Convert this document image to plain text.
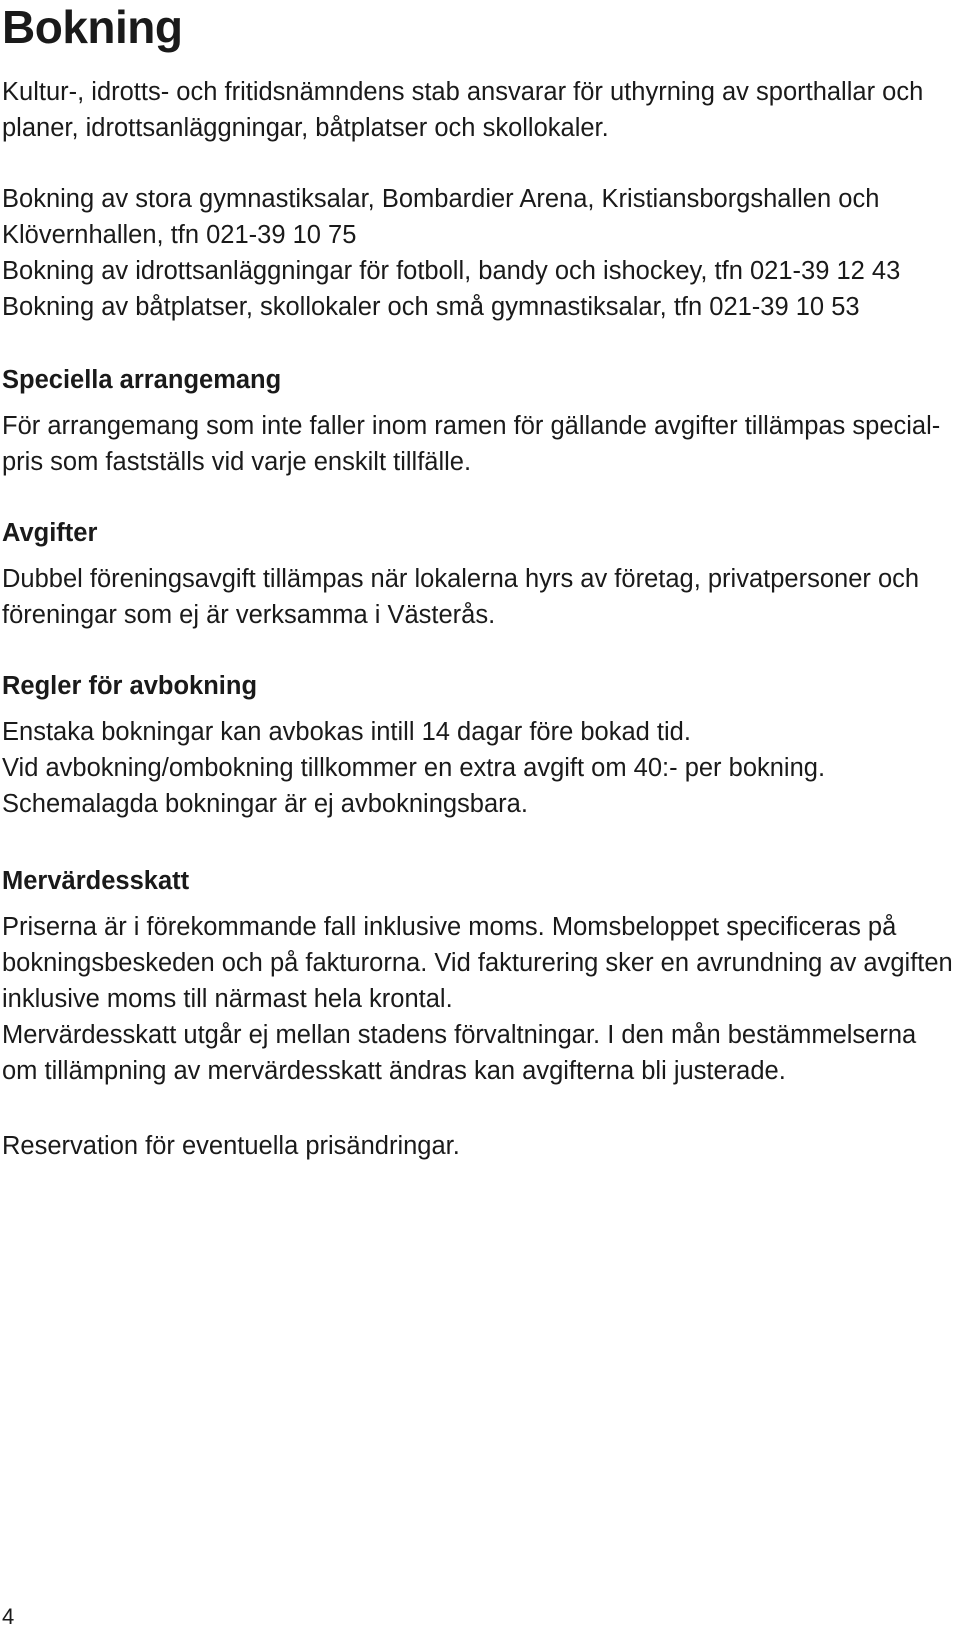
Bokning
Kultur-, idrotts- och fritidsnämndens stab ansvarar för uthyrning av sporthallar och
planer, idrottsanläggningar, båtplatser och skollokaler.
Bokning av stora gymnastiksalar, Bombardier Arena, Kristiansborgshallen och
Klövernhallen, tfn 021-39 10 75
Bokning av idrottsanläggningar för fotboll, bandy och ishockey, tfn 021-39 12 43
Bokning av båtplatser, skollokaler och små gymnastiksalar, tfn 021-39 10 53
Speciella arrangemang
För arrangemang som inte faller inom ramen för gällande avgifter tillämpas special-
pris som fastställs vid varje enskilt tillfälle.
Avgifter
Dubbel föreningsavgift tillämpas när lokalerna hyrs av företag, privatpersoner och
föreningar som ej är verksamma i Västerås.
Regler för avbokning
Enstaka bokningar kan avbokas intill 14 dagar före bokad tid.
Vid avbokning/ombokning tillkommer en extra avgift om 40:- per bokning.
Schemalagda bokningar är ej avbokningsbara.
Mervärdesskatt
Priserna är i förekommande fall inklusive moms. Momsbeloppet specificeras på
bokningsbeskeden och på fakturorna. Vid fakturering sker en avrundning av avgiften
inklusive moms till närmast hela krontal.
Mervärdesskatt utgår ej mellan stadens förvaltningar. I den mån bestämmelserna
om tillämpning av mervärdesskatt ändras kan avgifterna bli justerade.
Reservation för eventuella prisändringar.
4
